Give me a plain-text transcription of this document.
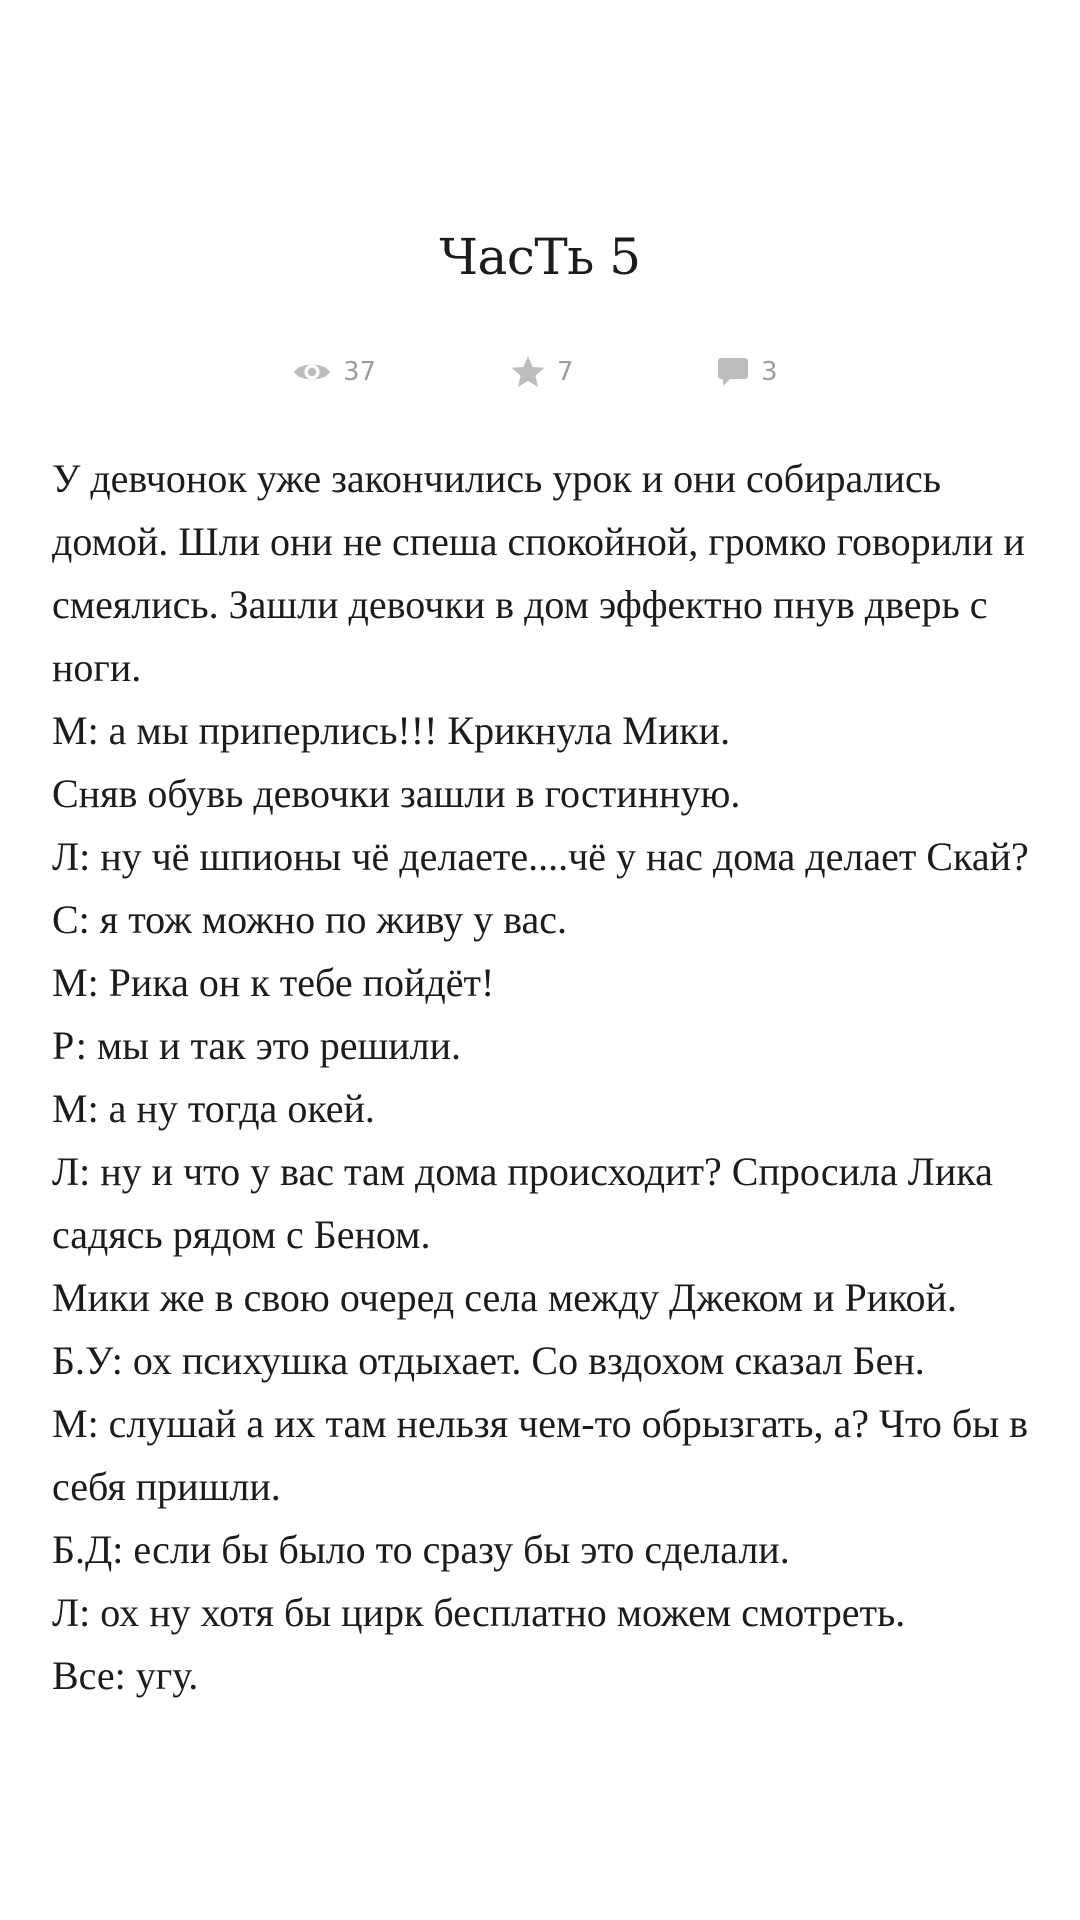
ЧасТь 5
37	7	3

У девчонок уже закончились урок и они собирались домой. Шли они не спеша спокойной, громко говорили и смеялись. Зашли девочки в дом эффектно пнув дверь с ноги.

М: а мы приперлись!!! Крикнула Мики.

Сняв обувь девочки зашли в гостинную.

Л: ну чё шпионы чё делаете....чё у нас дома делает Скай?

С: я тож можно по живу у вас.

М: Рика он к тебе пойдёт!

Р: мы и так это решили.

М: а ну тогда окей.

Л: ну и что у вас там дома происходит? Спросила Лика садясь рядом с Беном.

Мики же в свою очеред села между Джеком и Рикой.

Б.У: ох психушка отдыхает. Со вздохом сказал Бен.

М: слушай а их там нельзя чем-то обрызгать, а? Что бы в себя пришли.

Б.Д: если бы было то сразу бы это сделали.

Л: ох ну хотя бы цирк бесплатно можем смотреть.

Все: угу.
